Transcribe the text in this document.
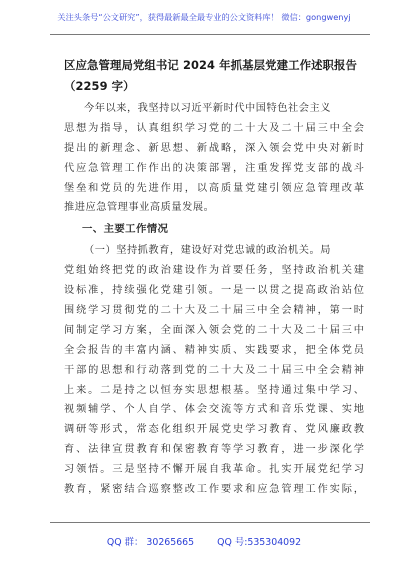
关注头条号“公文研究”，获得最新最全最专业的公文资料库！ 微信：gongwenyj
区应急管理局党组书记 2024 年抓基层党建工作述职报告
（2259 字）
今年以来，我坚持以习近平新时代中国特色社会主义
思想为指导，认真组织学习党的二十大及二十届三中全会
提出的新理念、新思想、新战略，深入领会党中央对新时
代应急管理工作作出的决策部署，注重发挥党支部的战斗
堡垒和党员的先进作用，以高质量党建引领应急管理改革
推进应急管理事业高质量发展。
一、主要工作情况
（一）坚持抓教育，建设好对党忠诚的政治机关。局
党组始终把党的政治建设作为首要任务，坚持政治机关建
设标准，持续强化党建引领。一是一以贯之提高政治站位
围绕学习贯彻党的二十大及二十届三中全会精神，第一时
间制定学习方案，全面深入领会党的二十大及二十届三中
全会报告的丰富内涵、精神实质、实践要求，把全体党员
干部的思想和行动落到党的二十大及二十届三中全会精神
上来。二是持之以恒夯实思想根基。坚持通过集中学习、
视频辅学、个人自学、体会交流等方式和音乐党课、实地
调研等形式，常态化组织开展党史学习教育、党风廉政教
育、法律宣贯教育和保密教育等学习教育，进一步深化学
习领悟。三是坚持不懈开展自我革命。扎实开展党纪学习
教育，紧密结合巡察整改工作要求和应急管理工作实际，
QQ 群： 30265665 QQ 号:535304092
